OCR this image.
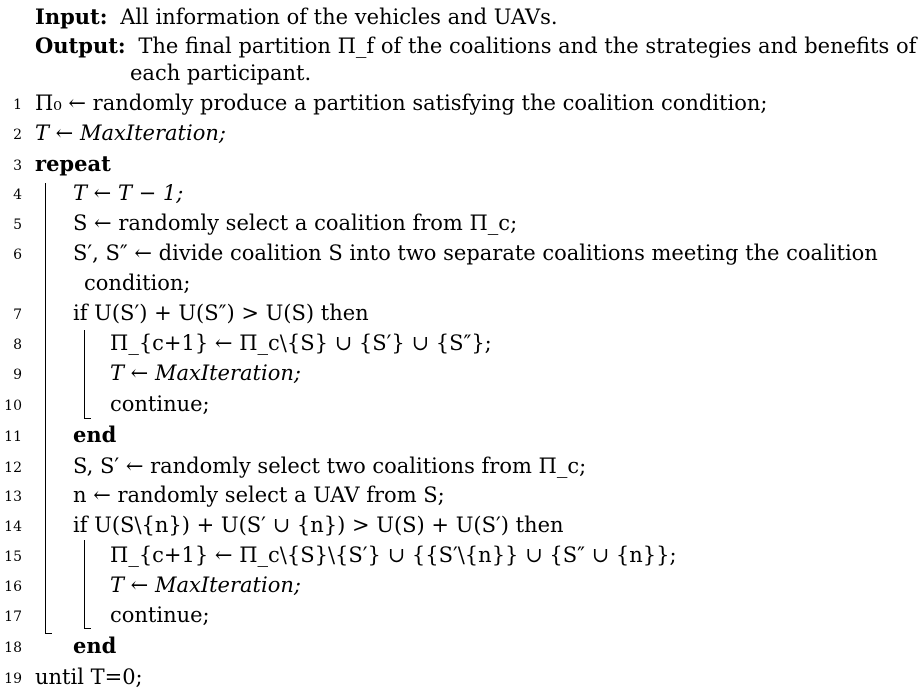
Input: All information of the vehicles and UAVs.
Output: The final partition Π_f of the coalitions and the strategies and benefits of
each participant.
1 Π₀ ← randomly produce a partition satisfying the coalition condition;
2 T ← MaxIteration;
3 repeat
4 T ← T − 1;
5 S ← randomly select a coalition from Π_c;
6 S′, S″ ← divide coalition S into two separate coalitions meeting the coalition
condition;
7 if U(S′) + U(S″) > U(S) then
8	Π_{c+1} ← Π_c\{S} ∪ {S′} ∪ {S″};
9	T ← MaxIteration;
10	continue;
11 end
12 S, S′ ← randomly select two coalitions from Π_c;
13 n ← randomly select a UAV from S;
14 if U(S\{n}) + U(S′ ∪ {n}) > U(S) + U(S′) then
15	Π_{c+1} ← Π_c\{S}\{S′} ∪ {{S′\{n}} ∪ {S″ ∪ {n}};
16	T ← MaxIteration;
17	continue;
18 end
19 until T=0;
